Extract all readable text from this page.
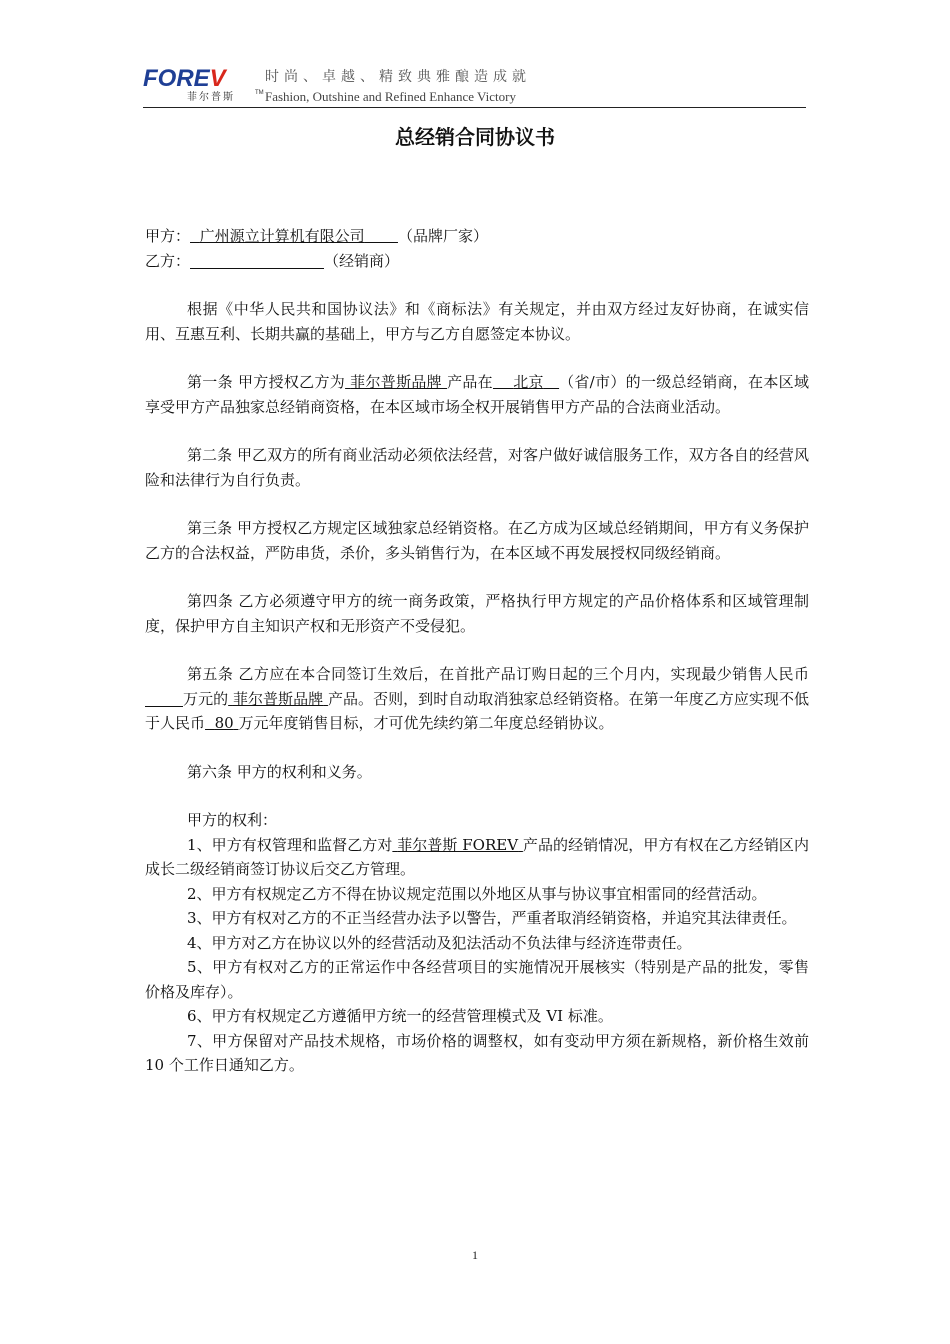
FOREV
TM
菲尔普斯
时尚、卓越、精致典雅酿造成就
Fashion, Outshine and Refined Enhance Victory
总经销合同协议书

甲方： 广州源立计算机有限公司 （品牌厂家）

乙方：	（经销商）

根据《中华人民共和国协议法》和《商标法》有关规定，并由双方经过友好协商，在诚实信用、互惠互利、长期共赢的基础上，甲方与乙方自愿签定本协议。

第一条 甲方授权乙方为 菲尔普斯品牌 产品在 北京 （省/市）的一级总经销商，在本区域享受甲方产品独家总经销商资格，在本区域市场全权开展销售甲方产品的合法商业活动。

第二条 甲乙双方的所有商业活动必须依法经营，对客户做好诚信服务工作，双方各自的经营风险和法律行为自行负责。

第三条 甲方授权乙方规定区域独家总经销资格。在乙方成为区域总经销期间，甲方有义务保护乙方的合法权益，严防串货，杀价，多头销售行为，在本区域不再发展授权同级经销商。

第四条 乙方必须遵守甲方的统一商务政策，严格执行甲方规定的产品价格体系和区域管理制度，保护甲方自主知识产权和无形资产不受侵犯。

第五条 乙方应在本合同签订生效后，在首批产品订购日起的三个月内，实现最少销售人民币万元的 菲尔普斯品牌 产品。否则，到时自动取消独家总经销资格。在第一年度乙方应实现不低于人民币 80 万元年度销售目标，才可优先续约第二年度总经销协议。

第六条 甲方的权利和义务。

甲方的权利：

1、甲方有权管理和监督乙方对 菲尔普斯 FOREV 产品的经销情况，甲方有权在乙方经销区内成长二级经销商签订协议后交乙方管理。

2、甲方有权规定乙方不得在协议规定范围以外地区从事与协议事宜相雷同的经营活动。

3、甲方有权对乙方的不正当经营办法予以警告，严重者取消经销资格，并追究其法律责任。

4、甲方对乙方在协议以外的经营活动及犯法活动不负法律与经济连带责任。

5、甲方有权对乙方的正常运作中各经营项目的实施情况开展核实（特别是产品的批发，零售价格及库存）。

6、甲方有权规定乙方遵循甲方统一的经营管理模式及 VI 标准。

7、甲方保留对产品技术规格，市场价格的调整权，如有变动甲方须在新规格，新价格生效前 10 个工作日通知乙方。

1
